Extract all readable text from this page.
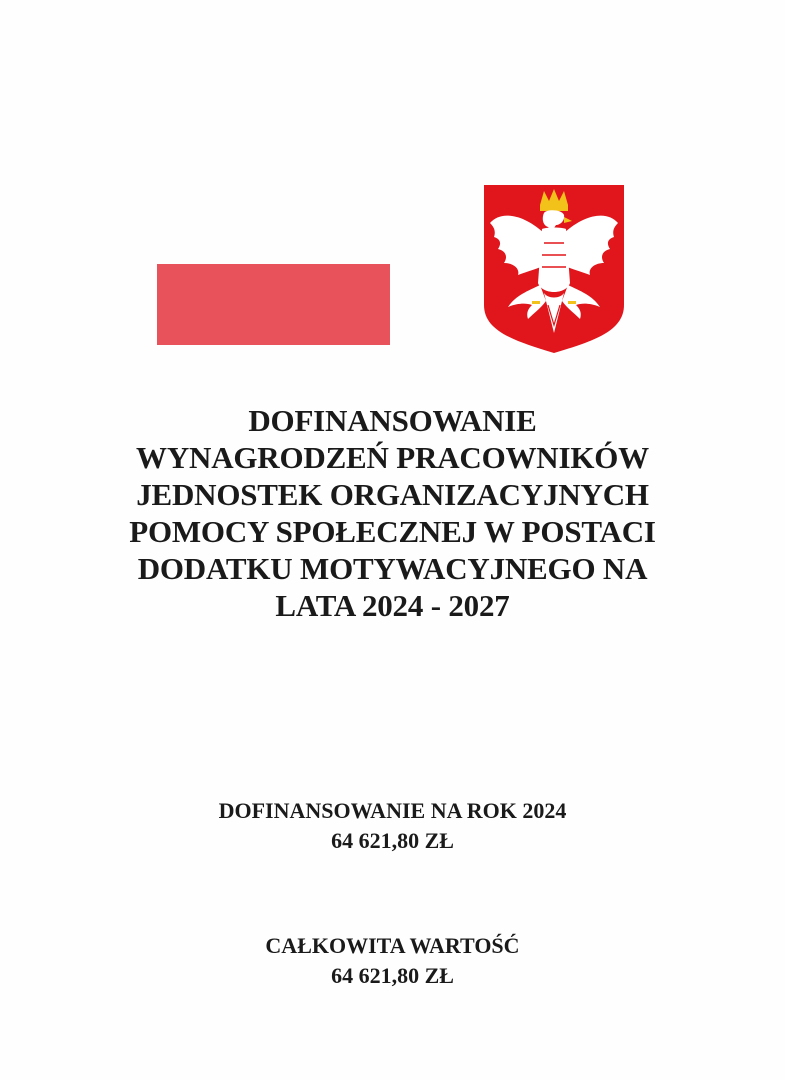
DOFINANSOWANIE
WYNAGRODZEŃ PRACOWNIKÓW
JEDNOSTEK ORGANIZACYJNYCH
POMOCY SPOŁECZNEJ W POSTACI
DODATKU MOTYWACYJNEGO NA
LATA 2024 - 2027
DOFINANSOWANIE NA ROK 2024
64 621,80 ZŁ
CAŁKOWITA WARTOŚĆ
64 621,80 ZŁ
